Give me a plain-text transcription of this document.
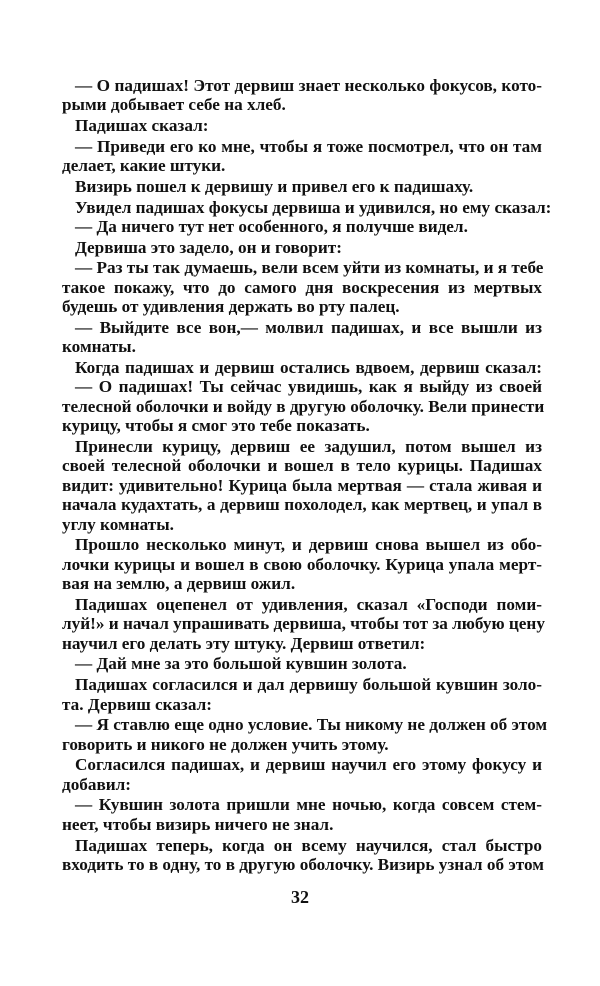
— О падишах! Этот дервиш знает несколько фокусов, кото-
рыми добывает себе на хлеб.
Падишах сказал:
— Приведи его ко мне, чтобы я тоже посмотрел, что он там
делает, какие штуки.
Визирь пошел к дервишу и привел его к падишаху.
Увидел падишах фокусы дервиша и удивился, но ему сказал:
— Да ничего тут нет особенного, я получше видел.
Дервиша это задело, он и говорит:
— Раз ты так думаешь, вели всем уйти из комнаты, и я тебе
такое покажу, что до самого дня воскресения из мертвых
будешь от удивления держать во рту палец.
— Выйдите все вон,— молвил падишах, и все вышли из
комнаты.
Когда падишах и дервиш остались вдвоем, дервиш сказал:
— О падишах! Ты сейчас увидишь, как я выйду из своей
телесной оболочки и войду в другую оболочку. Вели принести
курицу, чтобы я смог это тебе показать.
Принесли курицу, дервиш ее задушил, потом вышел из
своей телесной оболочки и вошел в тело курицы. Падишах
видит: удивительно! Курица была мертвая — стала живая и
начала кудахтать, а дервиш похолодел, как мертвец, и упал в
углу комнаты.
Прошло несколько минут, и дервиш снова вышел из обо-
лочки курицы и вошел в свою оболочку. Курица упала мерт-
вая на землю, а дервиш ожил.
Падишах оцепенел от удивления, сказал «Господи поми-
луй!» и начал упрашивать дервиша, чтобы тот за любую цену
научил его делать эту штуку. Дервиш ответил:
— Дай мне за это большой кувшин золота.
Падишах согласился и дал дервишу большой кувшин золо-
та. Дервиш сказал:
— Я ставлю еще одно условие. Ты никому не должен об этом
говорить и никого не должен учить этому.
Согласился падишах, и дервиш научил его этому фокусу и
добавил:
— Кувшин золота пришли мне ночью, когда совсем стем-
неет, чтобы визирь ничего не знал.
Падишах теперь, когда он всему научился, стал быстро
входить то в одну, то в другую оболочку. Визирь узнал об этом
32
